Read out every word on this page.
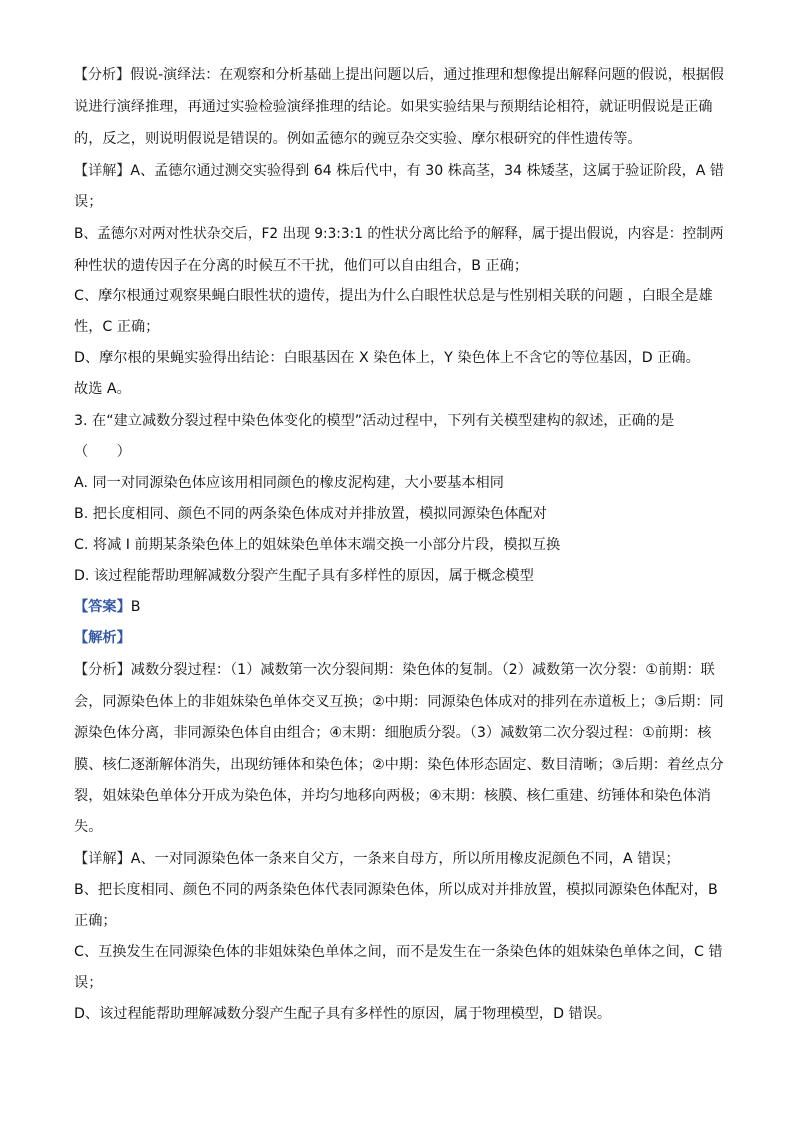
【分析】假说-演绎法：在观察和分析基础上提出问题以后，通过推理和想像提出解释问题的假说，根据假
说进行演绎推理，再通过实验检验演绎推理的结论。如果实验结果与预期结论相符，就证明假说是正确
的，反之，则说明假说是错误的。例如孟德尔的豌豆杂交实验、摩尔根研究的伴性遗传等。
【详解】A、孟德尔通过测交实验得到 64 株后代中，有 30 株高茎，34 株矮茎，这属于验证阶段，A 错
误；
B、孟德尔对两对性状杂交后，F2 出现 9:3:3:1 的性状分离比给予的解释，属于提出假说，内容是：控制两
种性状的遗传因子在分离的时候互不干扰，他们可以自由组合，B 正确；
C、摩尔根通过观察果蝇白眼性状的遗传，提出为什么白眼性状总是与性别相关联的问题 ，白眼全是雄
性，C 正确；
D、摩尔根的果蝇实验得出结论：白眼基因在 X 染色体上，Y 染色体上不含它的等位基因，D 正确。
故选 A。
3. 在“建立减数分裂过程中染色体变化的模型”活动过程中，下列有关模型建构的叙述，正确的是
（　　）
A. 同一对同源染色体应该用相同颜色的橡皮泥构建，大小要基本相同
B. 把长度相同、颜色不同的两条染色体成对并排放置，模拟同源染色体配对
C. 将减 I 前期某条染色体上的姐妹染色单体末端交换一小部分片段，模拟互换
D. 该过程能帮助理解减数分裂产生配子具有多样性的原因，属于概念模型
【答案】B
【解析】
【分析】减数分裂过程：（1）减数第一次分裂间期：染色体的复制。（2）减数第一次分裂：①前期：联
会，同源染色体上的非姐妹染色单体交叉互换；②中期：同源染色体成对的排列在赤道板上；③后期：同
源染色体分离，非同源染色体自由组合；④末期：细胞质分裂。（3）减数第二次分裂过程：①前期：核
膜、核仁逐渐解体消失，出现纺锤体和染色体；②中期：染色体形态固定、数目清晰；③后期：着丝点分
裂，姐妹染色单体分开成为染色体，并均匀地移向两极；④末期：核膜、核仁重建、纺锤体和染色体消
失。
【详解】A、一对同源染色体一条来自父方，一条来自母方，所以所用橡皮泥颜色不同，A 错误；
B、把长度相同、颜色不同的两条染色体代表同源染色体，所以成对并排放置，模拟同源染色体配对，B
正确；
C、互换发生在同源染色体的非姐妹染色单体之间，而不是发生在一条染色体的姐妹染色单体之间，C 错
误；
D、该过程能帮助理解减数分裂产生配子具有多样性的原因，属于物理模型，D 错误。
